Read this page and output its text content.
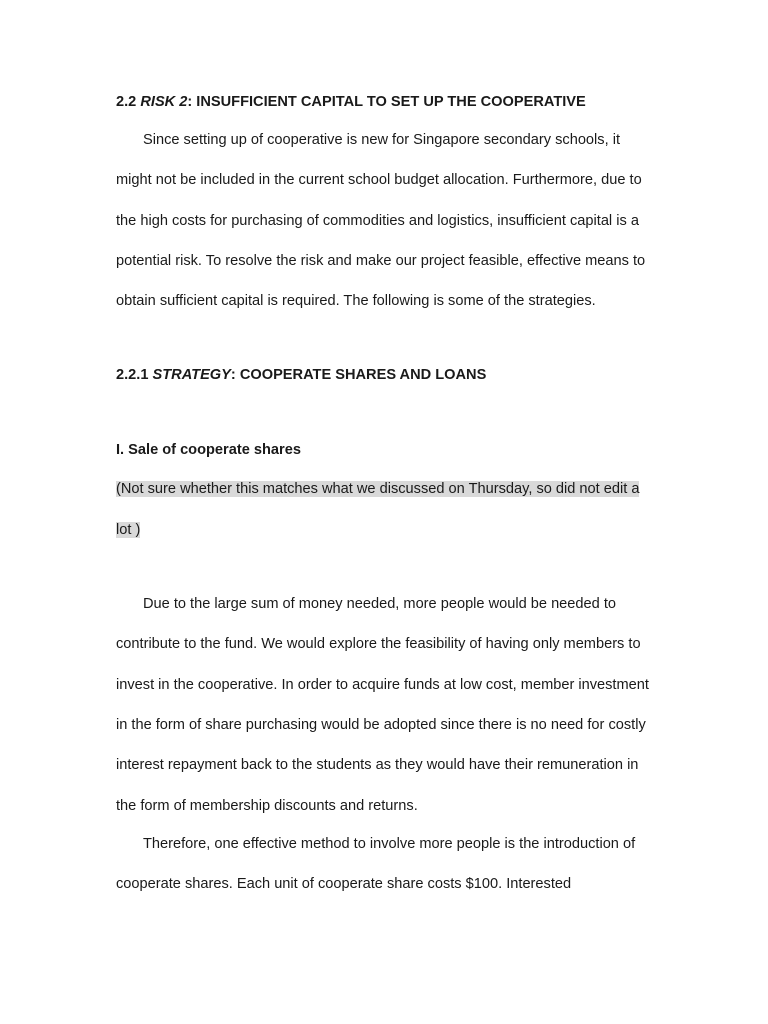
2.2 RISK 2: INSUFFICIENT CAPITAL TO SET UP THE COOPERATIVE

Since setting up of cooperative is new for Singapore secondary schools, it might not be included in the current school budget allocation. Furthermore, due to the high costs for purchasing of commodities and logistics, insufficient capital is a potential risk. To resolve the risk and make our project feasible, effective means to obtain sufficient capital is required. The following is some of the strategies.

2.2.1 STRATEGY: COOPERATE SHARES AND LOANS
I. Sale of cooperate shares

(Not sure whether this matches what we discussed on Thursday, so did not edit a lot )

Due to the large sum of money needed, more people would be needed to contribute to the fund. We would explore the feasibility of having only members to invest in the cooperative. In order to acquire funds at low cost, member investment in the form of share purchasing would be adopted since there is no need for costly interest repayment back to the students as they would have their remuneration in the form of membership discounts and returns.

Therefore, one effective method to involve more people is the introduction of cooperate shares. Each unit of cooperate share costs $100. Interested
